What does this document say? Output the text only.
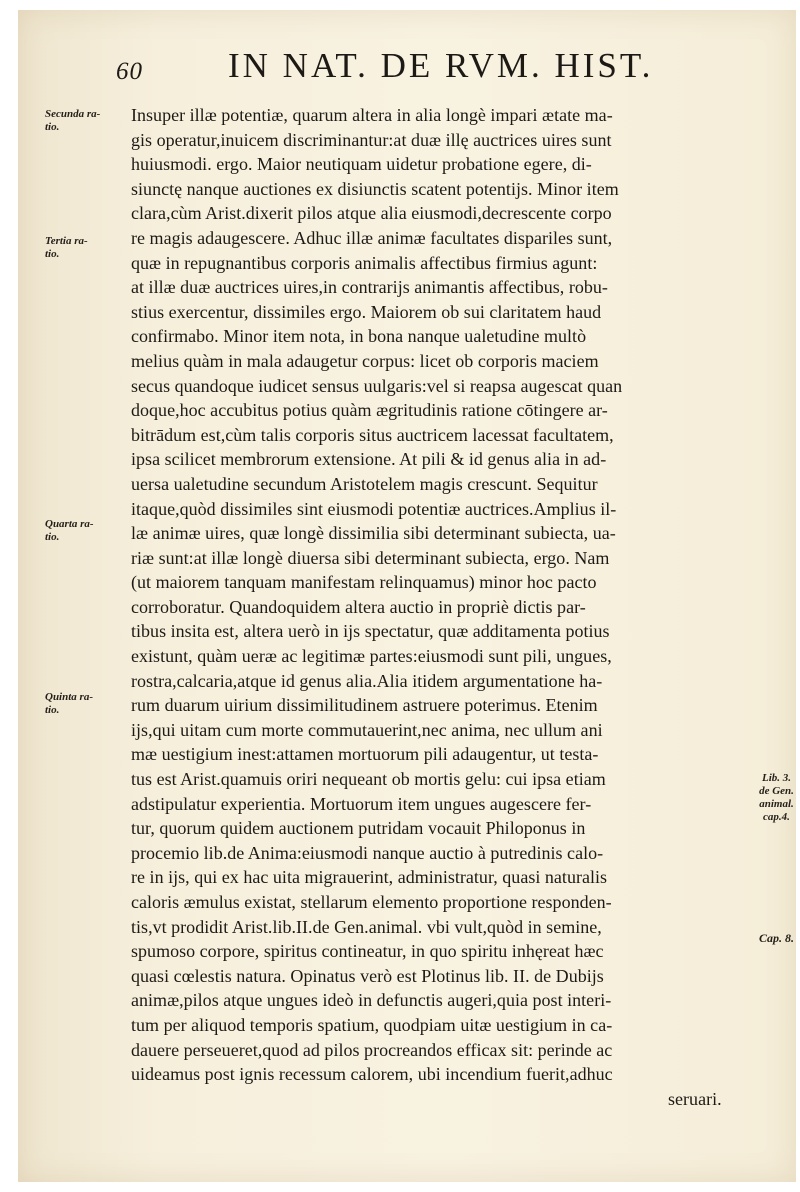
60 IN NAT. DE RVM. HIST.
Secunda ra-
tio.
Tertia ra-
tio.
Quarta ra-
tio.
Quinta ra-
tio.
Lib. 3.
de Gen.
animal.
cap.4.
Cap. 8.
Insuper illæ potentiæ, quarum altera in alia longè impari ætate ma-
gis operatur,inuicem discriminantur:at duæ illę auctrices uires sunt
huiusmodi. ergo. Maior neutiquam uidetur probatione egere, di-
siunctę nanque auctiones ex disiunctis scatent potentijs. Minor item
clara,cùm Arist.dixerit pilos atque alia eiusmodi,decrescente corpo
re magis adaugescere. Adhuc illæ animæ facultates dispariles sunt,
quæ in repugnantibus corporis animalis affectibus firmius agunt:
at illæ duæ auctrices uires,in contrarijs animantis affectibus, robu-
stius exercentur, dissimiles ergo. Maiorem ob sui claritatem haud
confirmabo. Minor item nota, in bona nanque ualetudine multò
melius quàm in mala adaugetur corpus: licet ob corporis maciem
secus quandoque iudicet sensus uulgaris:vel si reapsa augescat quan
doque,hoc accubitus potius quàm ægritudinis ratione cōtingere ar-
bitrādum est,cùm talis corporis situs auctricem lacessat facultatem,
ipsa scilicet membrorum extensione. At pili & id genus alia in ad-
uersa ualetudine secundum Aristotelem magis crescunt. Sequitur
itaque,quòd dissimiles sint eiusmodi potentiæ auctrices.Amplius il-
læ animæ uires, quæ longè dissimilia sibi determinant subiecta, ua-
riæ sunt:at illæ longè diuersa sibi determinant subiecta, ergo. Nam
(ut maiorem tanquam manifestam relinquamus) minor hoc pacto
corroboratur. Quandoquidem altera auctio in propriè dictis par-
tibus insita est, altera uerò in ijs spectatur, quæ additamenta potius
existunt, quàm ueræ ac legitimæ partes:eiusmodi sunt pili, ungues,
rostra,calcaria,atque id genus alia.Alia itidem argumentatione ha-
rum duarum uirium dissimilitudinem astruere poterimus. Etenim
ijs,qui uitam cum morte commutauerint,nec anima, nec ullum ani
mæ uestigium inest:attamen mortuorum pili adaugentur, ut testa-
tus est Arist.quamuis oriri nequeant ob mortis gelu: cui ipsa etiam
adstipulatur experientia. Mortuorum item ungues augescere fer-
tur, quorum quidem auctionem putridam vocauit Philoponus in
procemio lib.de Anima:eiusmodi nanque auctio à putredinis calo-
re in ijs, qui ex hac uita migrauerint, administratur, quasi naturalis
caloris æmulus existat, stellarum elemento proportione responden-
tis,vt prodidit Arist.lib.II.de Gen.animal. vbi vult,quòd in semine,
spumoso corpore, spiritus contineatur, in quo spiritu inhęreat hæc
quasi cœlestis natura. Opinatus verò est Plotinus lib. II. de Dubijs
animæ,pilos atque ungues ideò in defunctis augeri,quia post interi-
tum per aliquod temporis spatium, quodpiam uitæ uestigium in ca-
dauere perseueret,quod ad pilos procreandos efficax sit: perinde ac
uideamus post ignis recessum calorem, ubi incendium fuerit,adhuc
seruari.
